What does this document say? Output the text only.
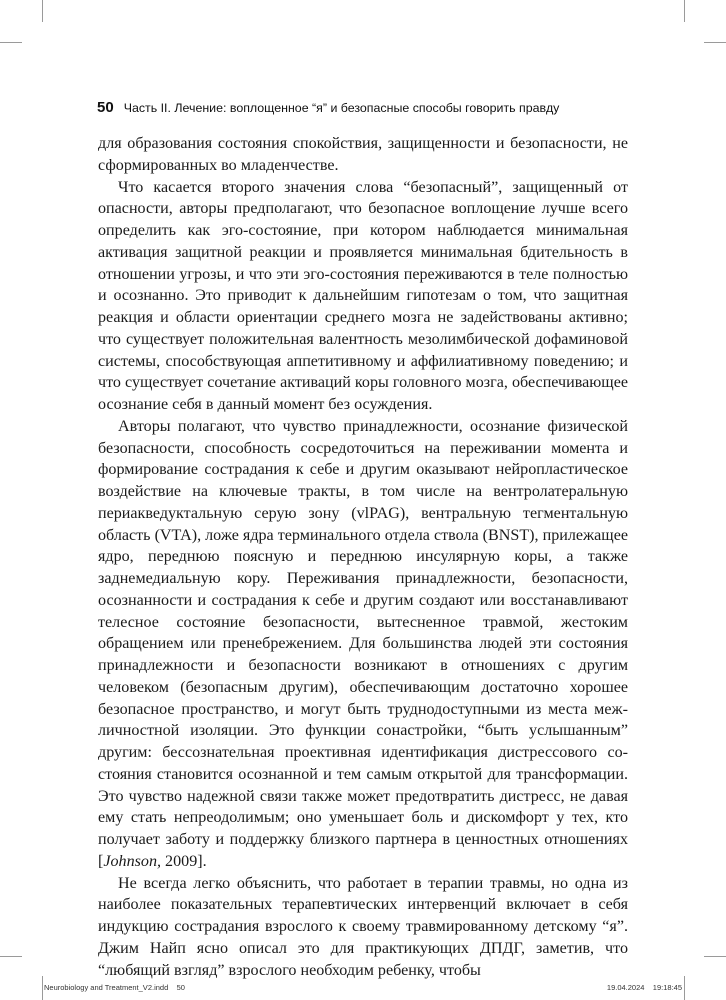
50 Часть II. Лечение: воплощенное “я” и безопасные способы говорить правду

для образования состояния спокойствия, защищенности и безопасности, не сформированных во младенчестве.

Что касается второго значения слова “безопасный”, защищенный от опасности, авторы предполагают, что безопасное воплощение лучше всего определить как эго-состояние, при котором наблюдается минимальная активация защитной реакции и проявляется минимальная бдительность в отношении угрозы, и что эти эго-состояния переживаются в теле полностью и осознанно. Это приводит к дальнейшим гипотезам о том, что защитная реакция и области ориентации среднего мозга не задействованы активно; что существует положительная валентность мезолимбической дофаминовой системы, способствующая аппетитивному и аффилиативному поведению; и что существует сочетание активаций коры головного мозга, обеспечивающее осознание себя в данный момент без осуждения.

Авторы полагают, что чувство принадлежности, осознание физической безопасности, способность сосредоточиться на переживании момента и формирование сострадания к себе и другим оказывают нейропластическое воздействие на ключевые тракты, в том числе на вентролатеральную периакведуктальную серую зону (vlPAG), вентральную тегментальную область (VTA), ложе ядра терминального отдела ствола (BNST), прилежащее ядро, переднюю поясную и переднюю инсулярную коры, а также заднемедиальную кору. Переживания принадлежности, безопасности, осознанности и сострадания к себе и другим создают или восстанавливают телесное состояние безопасности, вытесненное травмой, жестоким обращением или пренебрежением. Для большинства людей эти состояния принадлежности и безопасности возникают в отношениях с другим человеком (безопасным другим), обеспечивающим достаточно хорошее безопасное пространство, и могут быть труднодоступными из места межличностной изоляции. Это функции сонастройки, “быть услышанным” другим: бессознательная проективная идентификация дистрессового состояния становится осознанной и тем самым открытой для трансформации. Это чувство надежной связи также может предотвратить дистресс, не давая ему стать непреодолимым; оно уменьшает боль и дискомфорт у тех, кто получает заботу и поддержку близкого партнера в ценностных отношениях [Johnson, 2009].

Не всегда легко объяснить, что работает в терапии травмы, но одна из наиболее показательных терапевтических интервенций включает в себя индукцию сострадания взрослого к своему травмированному детскому “я”. Джим Найп ясно описал это для практикующих ДПДГ, заметив, что “любящий взгляд” взрослого необходим ребенку, чтобы

Neurobiology and Treatment_V2.indd 50	19.04.2024 19:18:45
